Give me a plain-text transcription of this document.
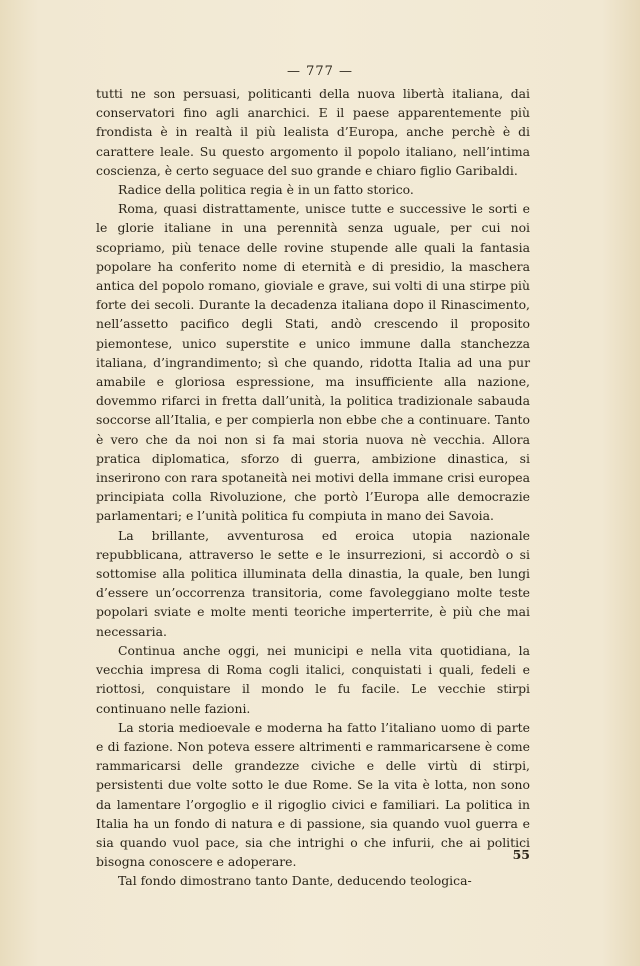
— 777 —

tutti ne son persuasi, politicanti della nuova libertà italiana, dai conservatori fino agli anarchici. E il paese apparentemente più frondista è in realtà il più lealista d’Europa, anche perchè è di carattere leale. Su questo argomento il popolo italiano, nell’intima coscienza, è certo seguace del suo grande e chiaro figlio Garibaldi.

Radice della politica regia è in un fatto storico.

Roma, quasi distrattamente, unisce tutte e successive le sorti e le glorie italiane in una perennità senza uguale, per cui noi scopriamo, più tenace delle rovine stupende alle quali la fantasia popolare ha conferito nome di eternità e di presidio, la maschera antica del popolo romano, gioviale e grave, sui volti di una stirpe più forte dei secoli. Durante la decadenza italiana dopo il Rinascimento, nell’assetto pacifico degli Stati, andò crescendo il proposito piemontese, unico superstite e unico immune dalla stanchezza italiana, d’ingrandimento; sì che quando, ridotta Italia ad una pur amabile e gloriosa espressione, ma insufficiente alla nazione, dovemmo rifarci in fretta dall’unità, la politica tradizionale sabauda soccorse all’Italia, e per compierla non ebbe che a continuare. Tanto è vero che da noi non si fa mai storia nuova nè vecchia. Allora pratica diplomatica, sforzo di guerra, ambizione dinastica, si inserirono con rara spotaneità nei motivi della immane crisi europea principiata colla Rivoluzione, che portò l’Europa alle democrazie parlamentari; e l’unità politica fu compiuta in mano dei Savoia.

La brillante, avventurosa ed eroica utopia nazionale repubblicana, attraverso le sette e le insurrezioni, si accordò o si sottomise alla politica illuminata della dinastia, la quale, ben lungi d’essere un’occorrenza transitoria, come favoleggiano molte teste popolari sviate e molte menti teoriche imperterrite, è più che mai necessaria.

Continua anche oggi, nei municipi e nella vita quotidiana, la vecchia impresa di Roma cogli italici, conquistati i quali, fedeli e riottosi, conquistare il mondo le fu facile. Le vecchie stirpi continuano nelle fazioni.

La storia medioevale e moderna ha fatto l’italiano uomo di parte e di fazione. Non poteva essere altrimenti e rammaricarsene è come rammaricarsi delle grandezze civiche e delle virtù di stirpi, persistenti due volte sotto le due Rome. Se la vita è lotta, non sono da lamentare l’orgoglio e il rigoglio civici e familiari. La politica in Italia ha un fondo di natura e di passione, sia quando vuol guerra e sia quando vuol pace, sia che intrighi o che infurii, che ai politici bisogna conoscere e adoperare.

Tal fondo dimostrano tanto Dante, deducendo teologica-

55
